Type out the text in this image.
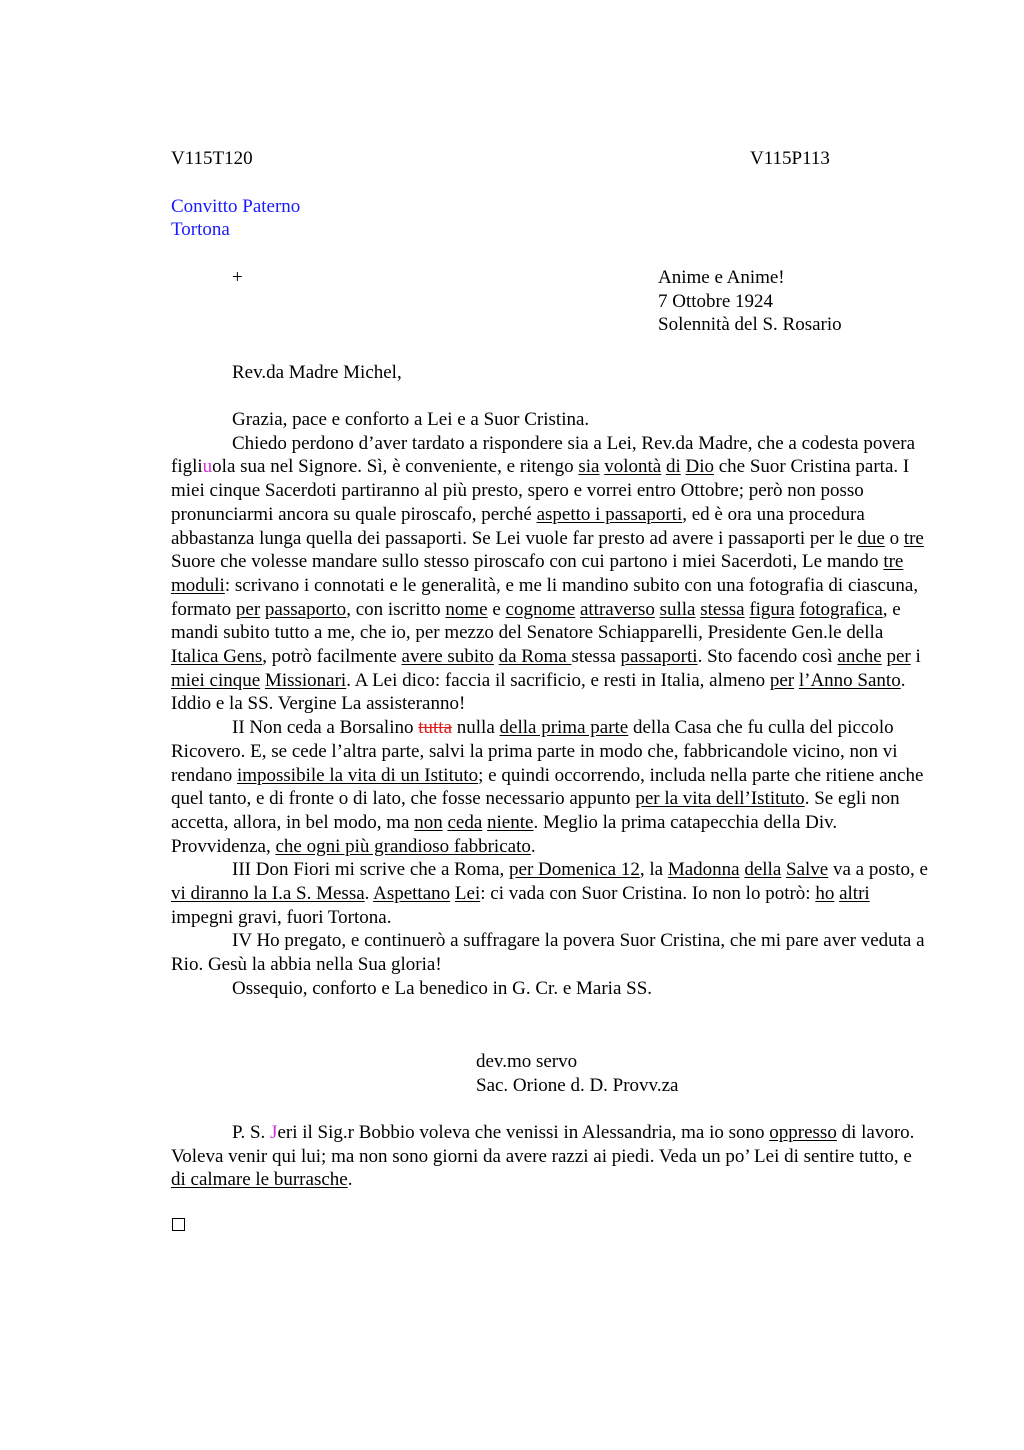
V115T120	V115P113
Convitto Paterno
Tortona
+	Anime e Anime!
7 Ottobre 1924
Solennità del S. Rosario
Rev.da Madre Michel,

Grazia, pace e conforto a Lei e a Suor Cristina.

Chiedo perdono d’aver tardato a rispondere sia a Lei, Rev.da Madre, che a codesta povera figliuola sua nel Signore. Sì, è conveniente, e ritengo sia volontà di Dio che Suor Cristina parta. I miei cinque Sacerdoti partiranno al più presto, spero e vorrei entro Ottobre; però non posso pronunciarmi ancora su quale piroscafo, perché aspetto i passaporti, ed è ora una procedura abbastanza lunga quella dei passaporti. Se Lei vuole far presto ad avere i passaporti per le due o tre Suore che volesse mandare sullo stesso piroscafo con cui partono i miei Sacerdoti, Le mando tre moduli: scrivano i connotati e le generalità, e me li mandino subito con una fotografia di ciascuna, formato per passaporto, con iscritto nome e cognome attraverso sulla stessa figura fotografica, e mandi subito tutto a me, che io, per mezzo del Senatore Schiapparelli, Presidente Gen.le della Italica Gens, potrò facilmente avere subito da Roma stessa passaporti. Sto facendo così anche per i miei cinque Missionari. A Lei dico: faccia il sacrificio, e resti in Italia, almeno per l’Anno Santo. Iddio e la SS. Vergine La assisteranno!

II Non ceda a Borsalino tutta nulla della prima parte della Casa che fu culla del piccolo Ricovero. E, se cede l’altra parte, salvi la prima parte in modo che, fabbricandole vicino, non vi rendano impossibile la vita di un Istituto; e quindi occorrendo, includa nella parte che ritiene anche quel tanto, e di fronte o di lato, che fosse necessario appunto per la vita dell’Istituto. Se egli non accetta, allora, in bel modo, ma non ceda niente. Meglio la prima catapecchia della Div. Provvidenza, che ogni più grandioso fabbricato.

III Don Fiori mi scrive che a Roma, per Domenica 12, la Madonna della Salve va a posto, e vi diranno la I.a S. Messa. Aspettano Lei: ci vada con Suor Cristina. Io non lo potrò: ho altri impegni gravi, fuori Tortona.

IV Ho pregato, e continuerò a suffragare la povera Suor Cristina, che mi pare aver veduta a Rio. Gesù la abbia nella Sua gloria!

Ossequio, conforto e La benedico in G. Cr. e Maria SS.

dev.mo servo
Sac. Orione d. D. Provv.za

P. S. Jeri il Sig.r Bobbio voleva che venissi in Alessandria, ma io sono oppresso di lavoro. Voleva venir qui lui; ma non sono giorni da avere razzi ai piedi. Veda un po’ Lei di sentire tutto, e di calmare le burrasche.
